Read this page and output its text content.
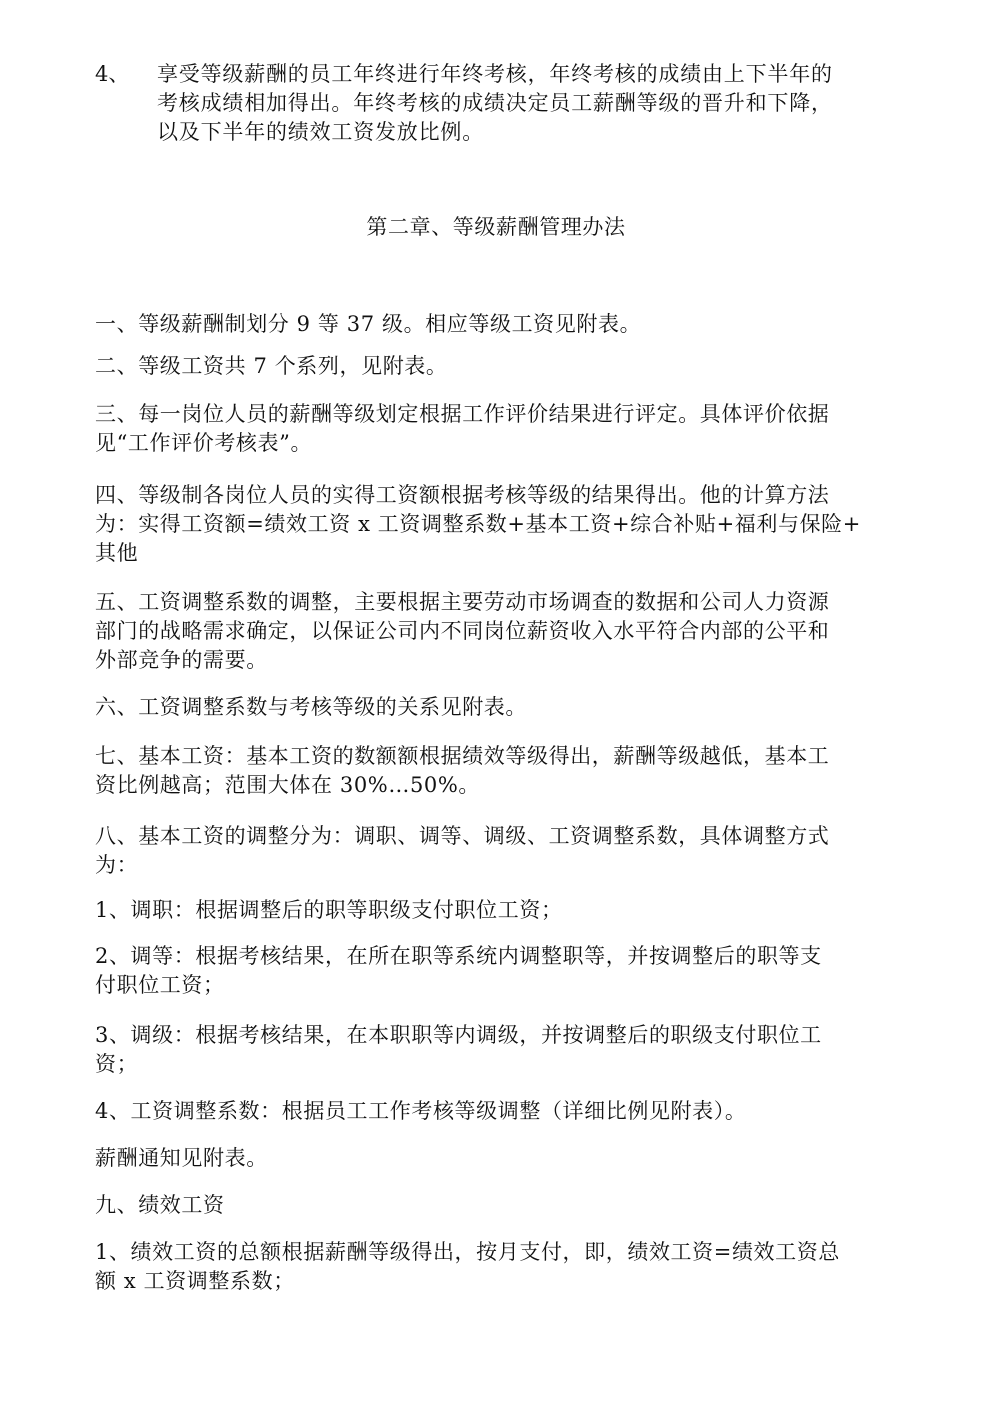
4、 享受等级薪酬的员工年终进行年终考核，年终考核的成绩由上下半年的
考核成绩相加得出。年终考核的成绩决定员工薪酬等级的晋升和下降，
以及下半年的绩效工资发放比例。
第二章、等级薪酬管理办法
一、等级薪酬制划分 9 等 37 级。相应等级工资见附表。
二、等级工资共 7 个系列，见附表。
三、每一岗位人员的薪酬等级划定根据工作评价结果进行评定。具体评价依据
见“工作评价考核表”。
四、等级制各岗位人员的实得工资额根据考核等级的结果得出。他的计算方法
为：实得工资额=绩效工资 x 工资调整系数+基本工资+综合补贴+福利与保险+
其他
五、工资调整系数的调整，主要根据主要劳动市场调查的数据和公司人力资源
部门的战略需求确定，以保证公司内不同岗位薪资收入水平符合内部的公平和
外部竞争的需要。
六、工资调整系数与考核等级的关系见附表。
七、基本工资：基本工资的数额额根据绩效等级得出，薪酬等级越低，基本工
资比例越高；范围大体在 30%…50%。
八、基本工资的调整分为：调职、调等、调级、工资调整系数，具体调整方式
为：
1、调职：根据调整后的职等职级支付职位工资；
2、调等：根据考核结果，在所在职等系统内调整职等，并按调整后的职等支
付职位工资；
3、调级：根据考核结果，在本职职等内调级，并按调整后的职级支付职位工
资；
4、工资调整系数：根据员工工作考核等级调整（详细比例见附表）。
薪酬通知见附表。
九、绩效工资
1、绩效工资的总额根据薪酬等级得出，按月支付，即，绩效工资=绩效工资总
额 x 工资调整系数；
